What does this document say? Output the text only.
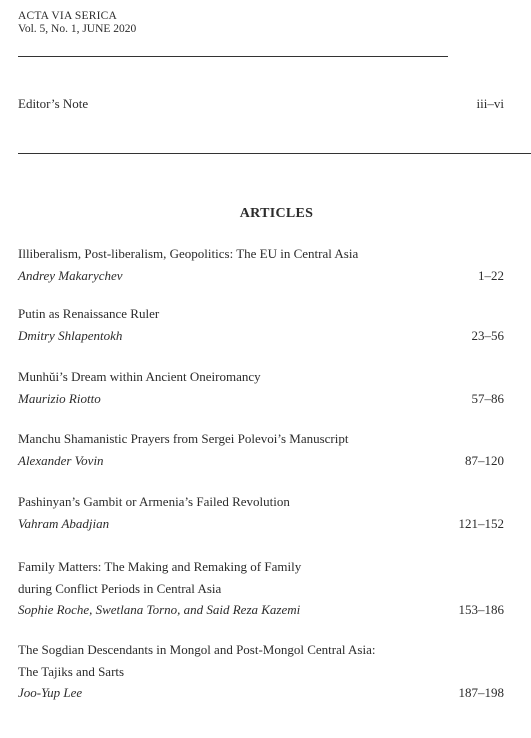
ACTA VIA SERICA
Vol. 5, No. 1, JUNE 2020
Editor’s Note	iii–vi
ARTICLES
Illiberalism, Post-liberalism, Geopolitics: The EU in Central Asia
Andrey Makarychev	1–22
Putin as Renaissance Ruler
Dmitry Shlapentokh	23–56
Munhŭi’s Dream within Ancient Oneiromancy
Maurizio Riotto	57–86
Manchu Shamanistic Prayers from Sergei Polevoi’s Manuscript
Alexander Vovin	87–120
Pashinyan’s Gambit or Armenia’s Failed Revolution
Vahram Abadjian	121–152
Family Matters: The Making and Remaking of Family
during Conflict Periods in Central Asia
Sophie Roche, Swetlana Torno, and Said Reza Kazemi	153–186
The Sogdian Descendants in Mongol and Post-Mongol Central Asia:
The Tajiks and Sarts
Joo-Yup Lee	187–198
